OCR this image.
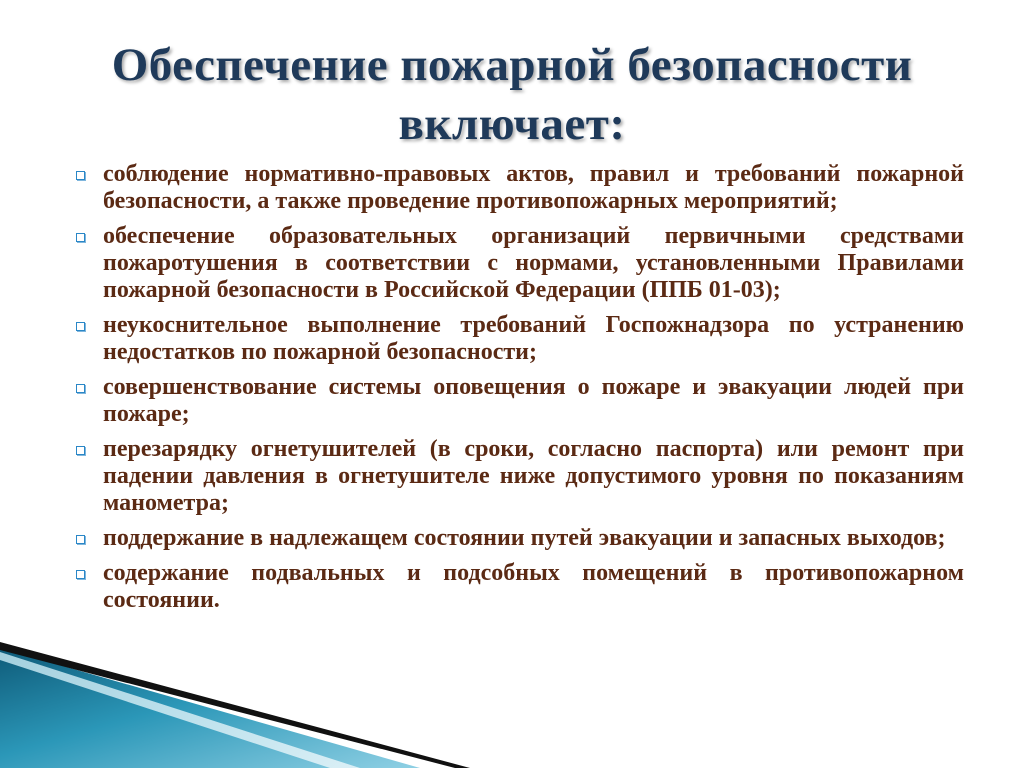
Обеспечение пожарной безопасности включает:
соблюдение нормативно-правовых актов, правил и требований пожарной безопасности, а также проведение противопожарных мероприятий;
обеспечение образовательных организаций первичными средствами пожаротушения в соответствии с нормами, установленными Правилами пожарной безопасности в Российской Федерации (ППБ 01-03);
неукоснительное выполнение требований Госпожнадзора по устранению недостатков по пожарной безопасности;
совершенствование системы оповещения о пожаре и эвакуации людей при пожаре;
перезарядку огнетушителей (в сроки, согласно паспорта) или ремонт при падении давления в огнетушителе ниже допустимого уровня по показаниям манометра;
поддержание в надлежащем состоянии путей эвакуации и запасных выходов;
содержание подвальных и подсобных помещений в противопожарном состоянии.
